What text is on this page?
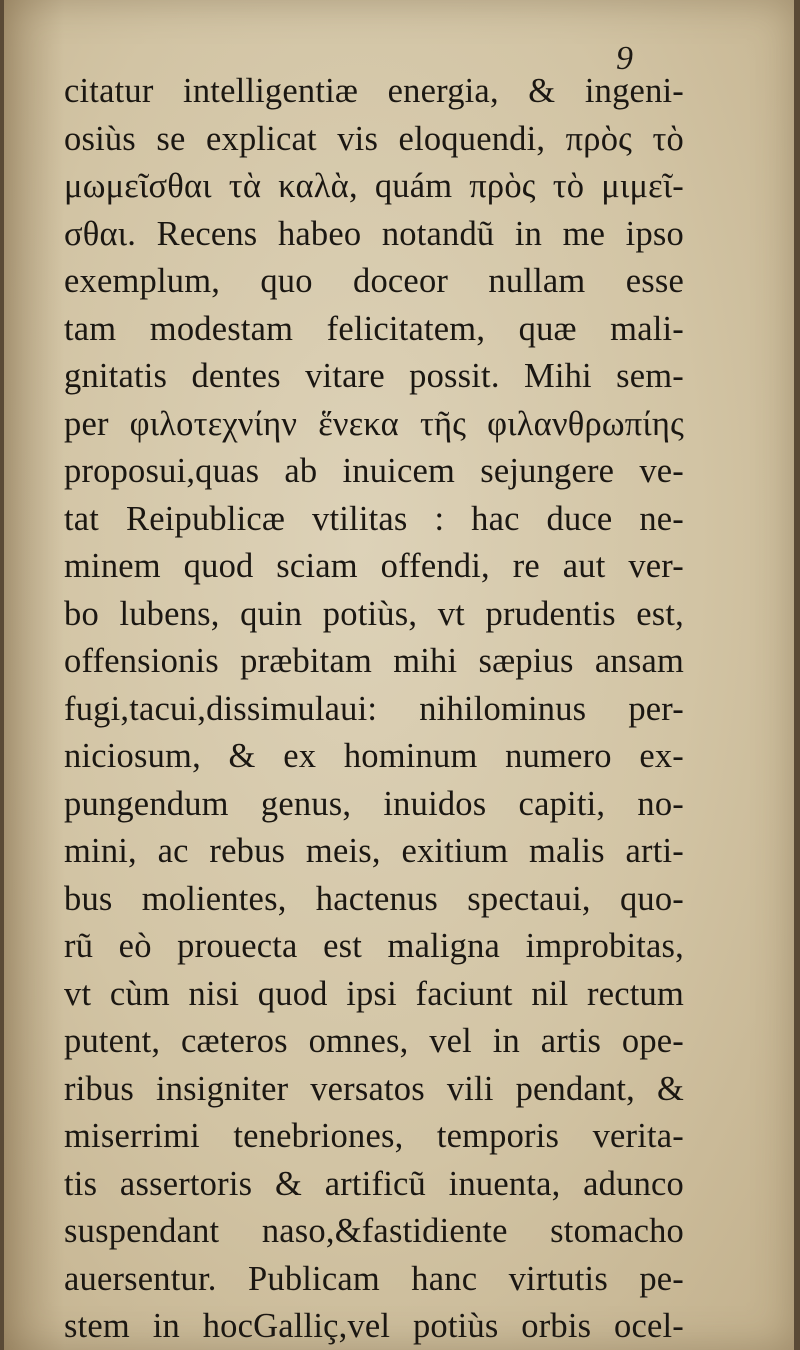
9
citatur intelligentiæ energia, & ingeni-
osiùs se explicat vis eloquendi, πρὸς τὸ
μωμεῖσθαι τὰ καλὰ, quám πρὸς τὸ μιμεῖ-
σθαι. Recens habeo notandũ in me ipso
exemplum, quo doceor nullam esse
tam modestam felicitatem, quæ mali-
gnitatis dentes vitare possit. Mihi sem-
per φιλοτεχνίην ἕνεκα τῆς φιλανθρωπίης
proposui,quas ab inuicem sejungere ve-
tat Reipublicæ vtilitas : hac duce ne-
minem quod sciam offendi, re aut ver-
bo lubens, quin potiùs, vt prudentis est,
offensionis præbitam mihi sæpius ansam
fugi,tacui,dissimulaui: nihilominus per-
niciosum, & ex hominum numero ex-
pungendum genus, inuidos capiti, no-
mini, ac rebus meis, exitium malis arti-
bus molientes, hactenus spectaui, quo-
rũ eò prouecta est maligna improbitas,
vt cùm nisi quod ipsi faciunt nil rectum
putent, cæteros omnes, vel in artis ope-
ribus insigniter versatos vili pendant, &
miserrimi tenebriones, temporis verita-
tis assertoris & artificũ inuenta, adunco
suspendant naso,&fastidiente stomacho
auersentur. Publicam hanc virtutis pe-
stem in hocGalliç,vel potiùs orbis ocel-
